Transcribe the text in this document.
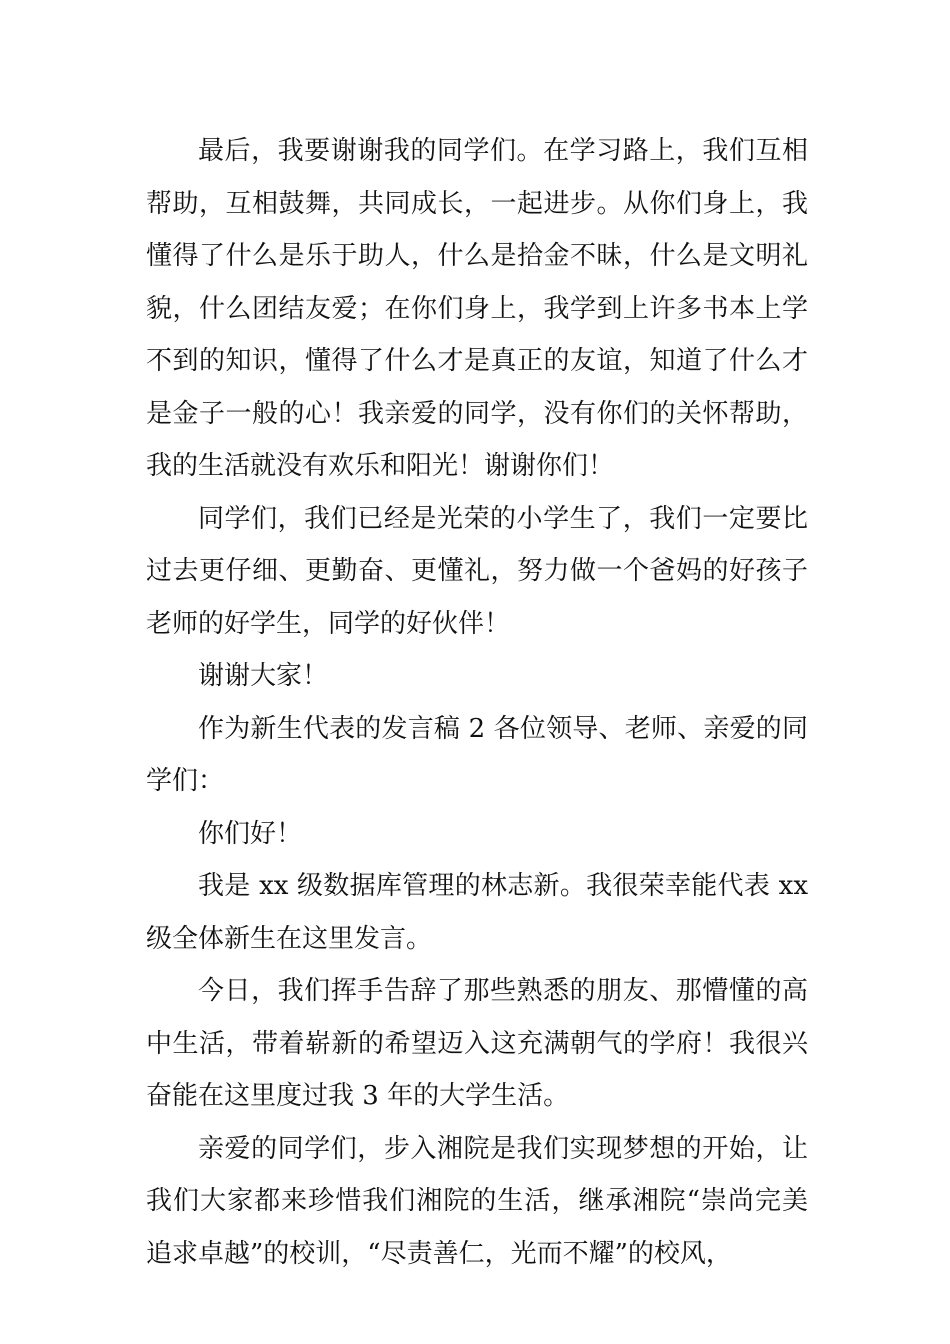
最后，我要谢谢我的同学们。在学习路上，我们互相帮助，互相鼓舞，共同成长，一起进步。从你们身上，我懂得了什么是乐于助人，什么是拾金不昧，什么是文明礼貌，什么团结友爱；在你们身上，我学到上许多书本上学不到的知识，懂得了什么才是真正的友谊，知道了什么才是金子一般的心！我亲爱的同学，没有你们的关怀帮助，我的生活就没有欢乐和阳光！谢谢你们！

同学们，我们已经是光荣的小学生了，我们一定要比过去更仔细、更勤奋、更懂礼，努力做一个爸妈的好孩子老师的好学生，同学的好伙伴！

谢谢大家！

作为新生代表的发言稿 2 各位领导、老师、亲爱的同学们：

你们好！

我是 xx 级数据库管理的林志新。我很荣幸能代表 xx 级全体新生在这里发言。

今日，我们挥手告辞了那些熟悉的朋友、那懵懂的高中生活，带着崭新的希望迈入这充满朝气的学府！我很兴奋能在这里度过我 3 年的大学生活。

亲爱的同学们，步入湘院是我们实现梦想的开始，让我们大家都来珍惜我们湘院的生活，继承湘院“崇尚完美追求卓越”的校训，“尽责善仁，光而不耀”的校风，
